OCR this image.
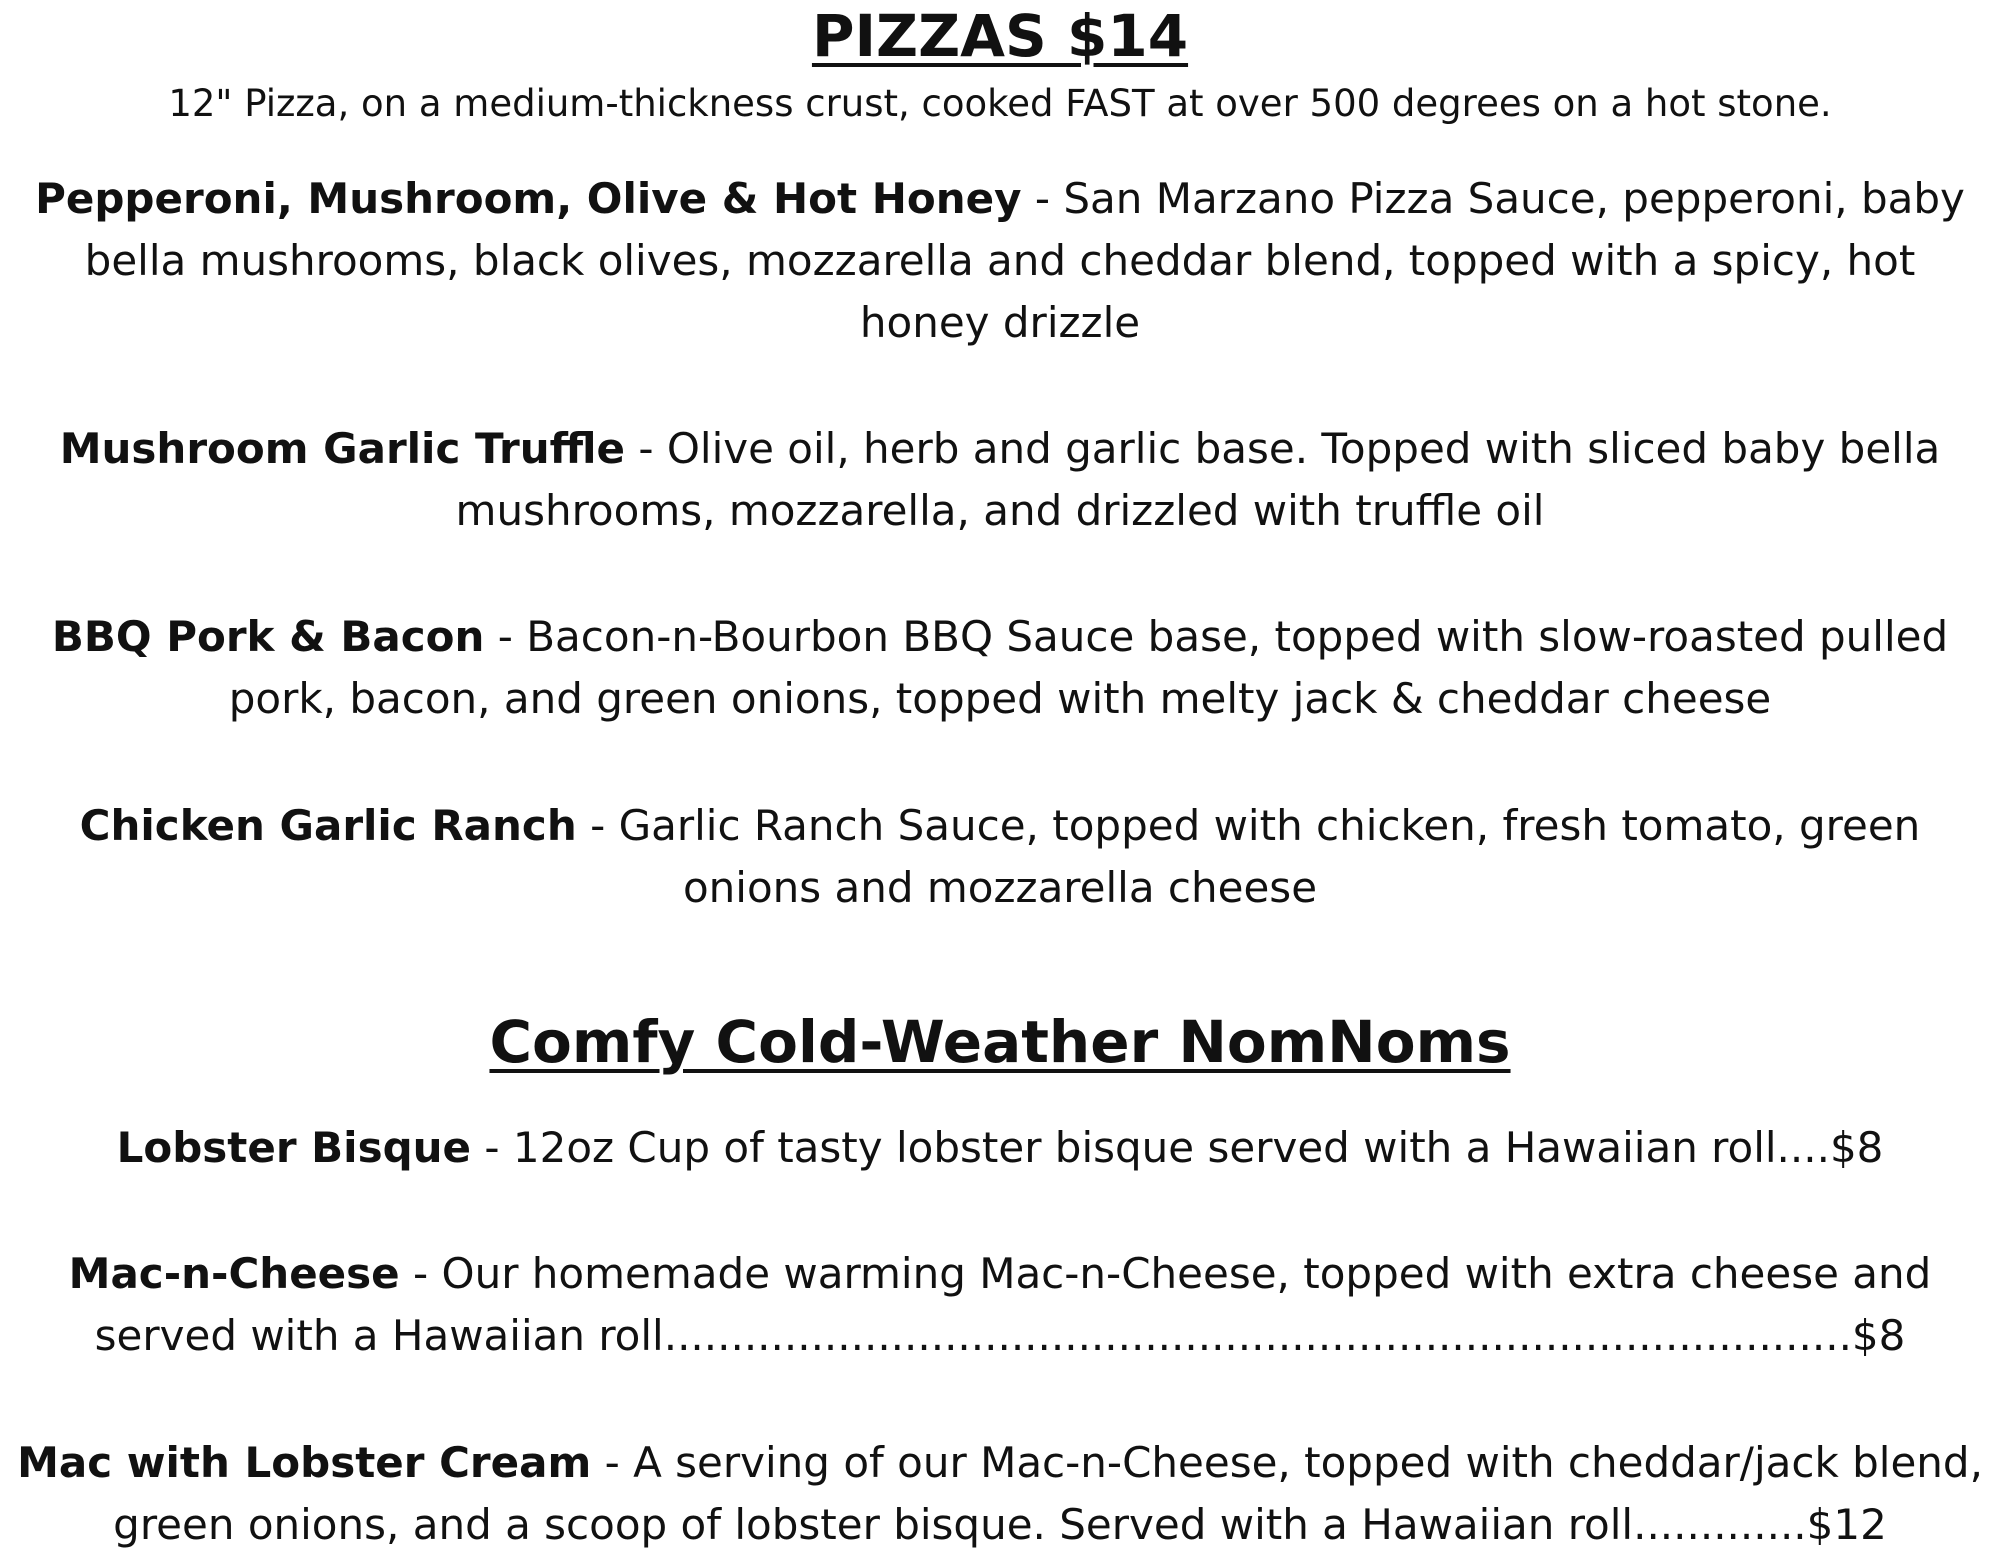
PIZZAS $14

12" Pizza, on a medium-thickness crust, cooked FAST at over 500 degrees on a hot stone.

Pepperoni, Mushroom, Olive & Hot Honey - San Marzano Pizza Sauce, pepperoni, baby
bella mushrooms, black olives, mozzarella and cheddar blend, topped with a spicy, hot
honey drizzle

Mushroom Garlic Truffle - Olive oil, herb and garlic base. Topped with sliced baby bella
mushrooms, mozzarella, and drizzled with truffle oil

BBQ Pork & Bacon - Bacon-n-Bourbon BBQ Sauce base, topped with slow-roasted pulled
pork, bacon, and green onions, topped with melty jack & cheddar cheese

Chicken Garlic Ranch - Garlic Ranch Sauce, topped with chicken, fresh tomato, green
onions and mozzarella cheese

Comfy Cold-Weather NomNoms

Lobster Bisque - 12oz Cup of tasty lobster bisque served with a Hawaiian roll....$8

Mac-n-Cheese - Our homemade warming Mac-n-Cheese, topped with extra cheese and
served with a Hawaiian roll.........................................................................................$8

Mac with Lobster Cream - A serving of our Mac-n-Cheese, topped with cheddar/jack blend,
green onions, and a scoop of lobster bisque. Served with a Hawaiian roll.............$12
